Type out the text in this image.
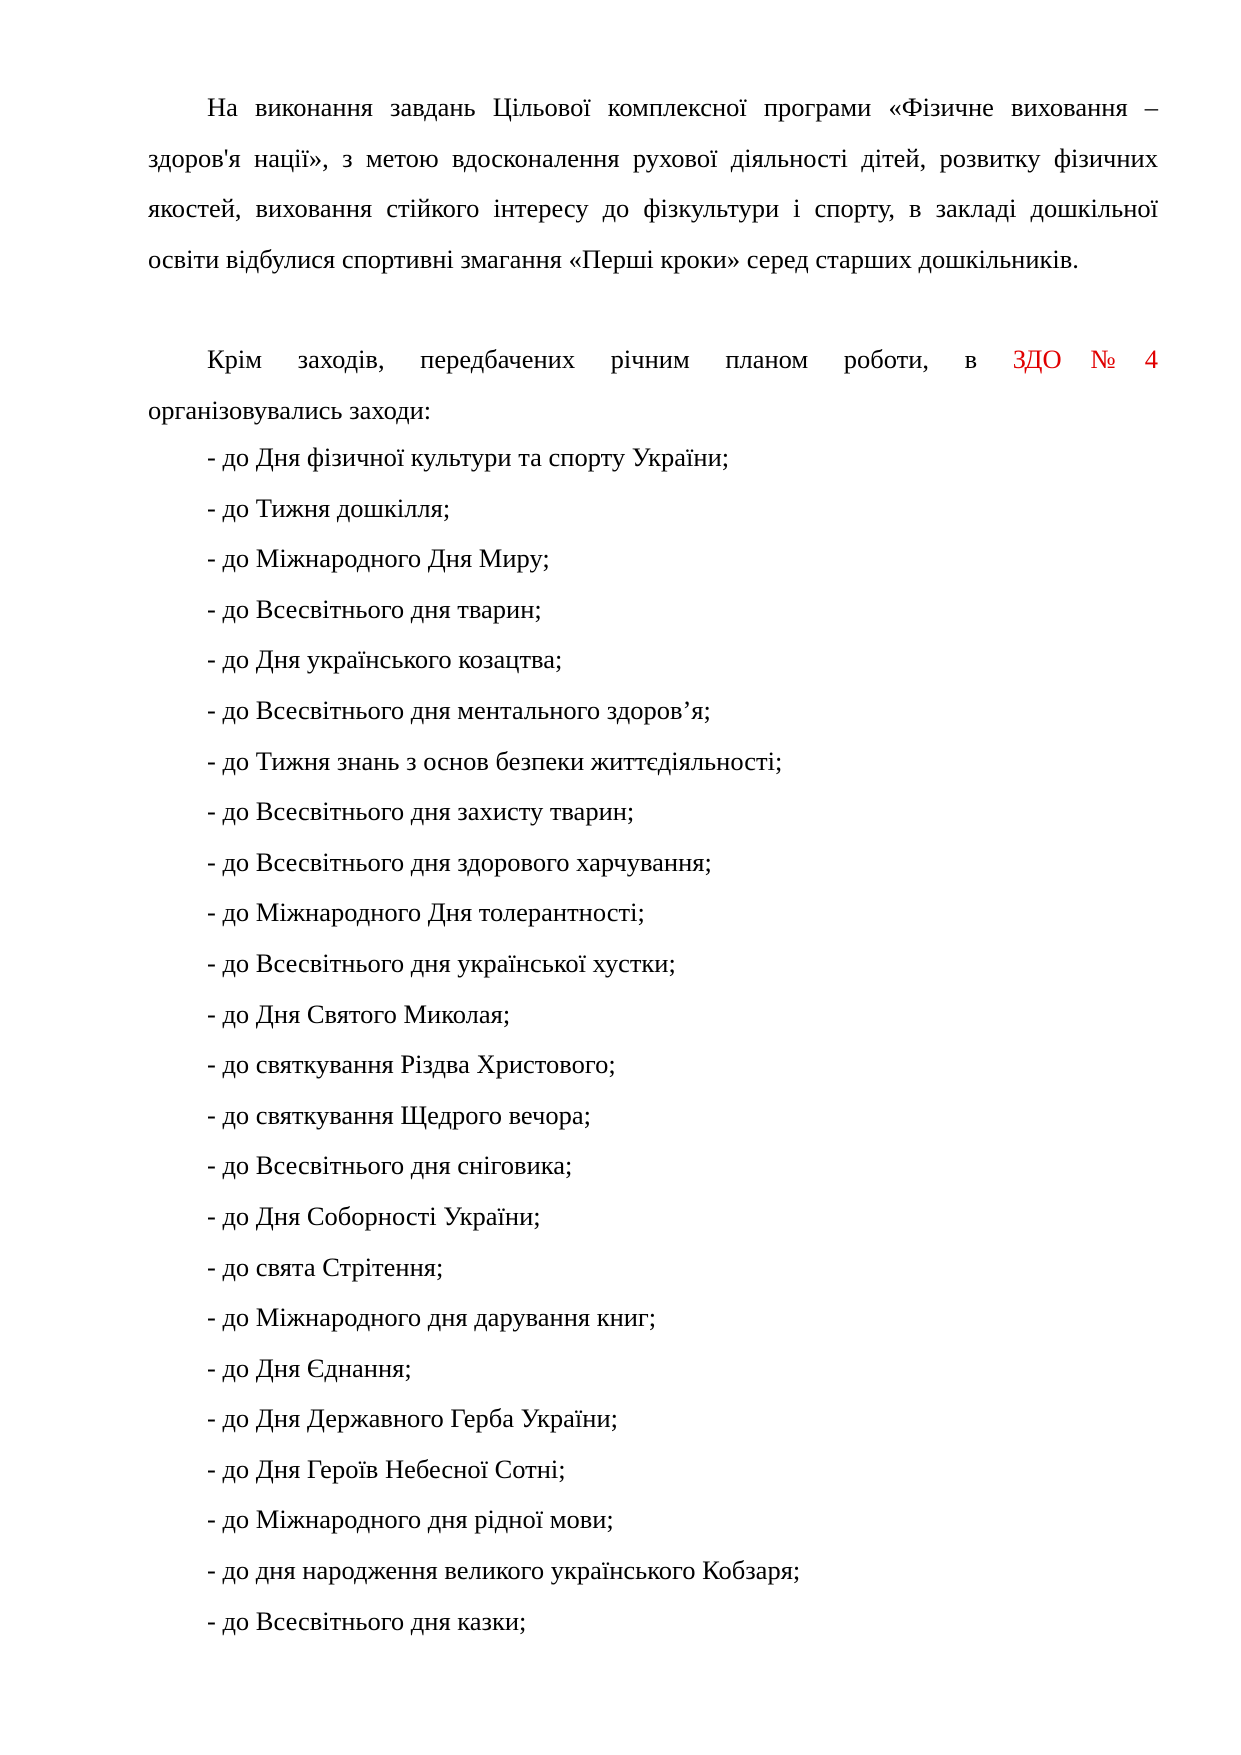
На виконання завдань Цільової комплексної програми «Фізичне виховання – здоров'я нації», з метою вдосконалення рухової діяльності дітей, розвитку фізичних якостей, виховання стійкого інтересу до фізкультури і спорту, в закладі дошкільної освіти відбулися спортивні змагання «Перші кроки» серед старших дошкільників.

Крім заходів, передбачених річним планом роботи, в ЗДО№4
організовувались заходи:

- до Дня фізичної культури та спорту України;
- до Тижня дошкілля;
- до Міжнародного Дня Миру;
- до Всесвітнього дня тварин;
- до Дня українського козацтва;
- до Всесвітнього дня ментального здоров’я;
- до Тижня знань з основ безпеки життєдіяльності;
- до Всесвітнього дня захисту тварин;
- до Всесвітнього дня здорового харчування;
- до Міжнародного Дня толерантності;
- до Всесвітнього дня української хустки;
- до Дня Святого Миколая;
- до святкування Різдва Христового;
- до святкування Щедрого вечора;
- до Всесвітнього дня сніговика;
- до Дня Соборності України;
- до свята Стрітення;
- до Міжнародного дня дарування книг;
- до Дня Єднання;
- до Дня Державного Герба України;
- до Дня Героїв Небесної Сотні;
- до Міжнародного дня рідної мови;
- до дня народження великого українського Кобзаря;
- до Всесвітнього дня казки;
